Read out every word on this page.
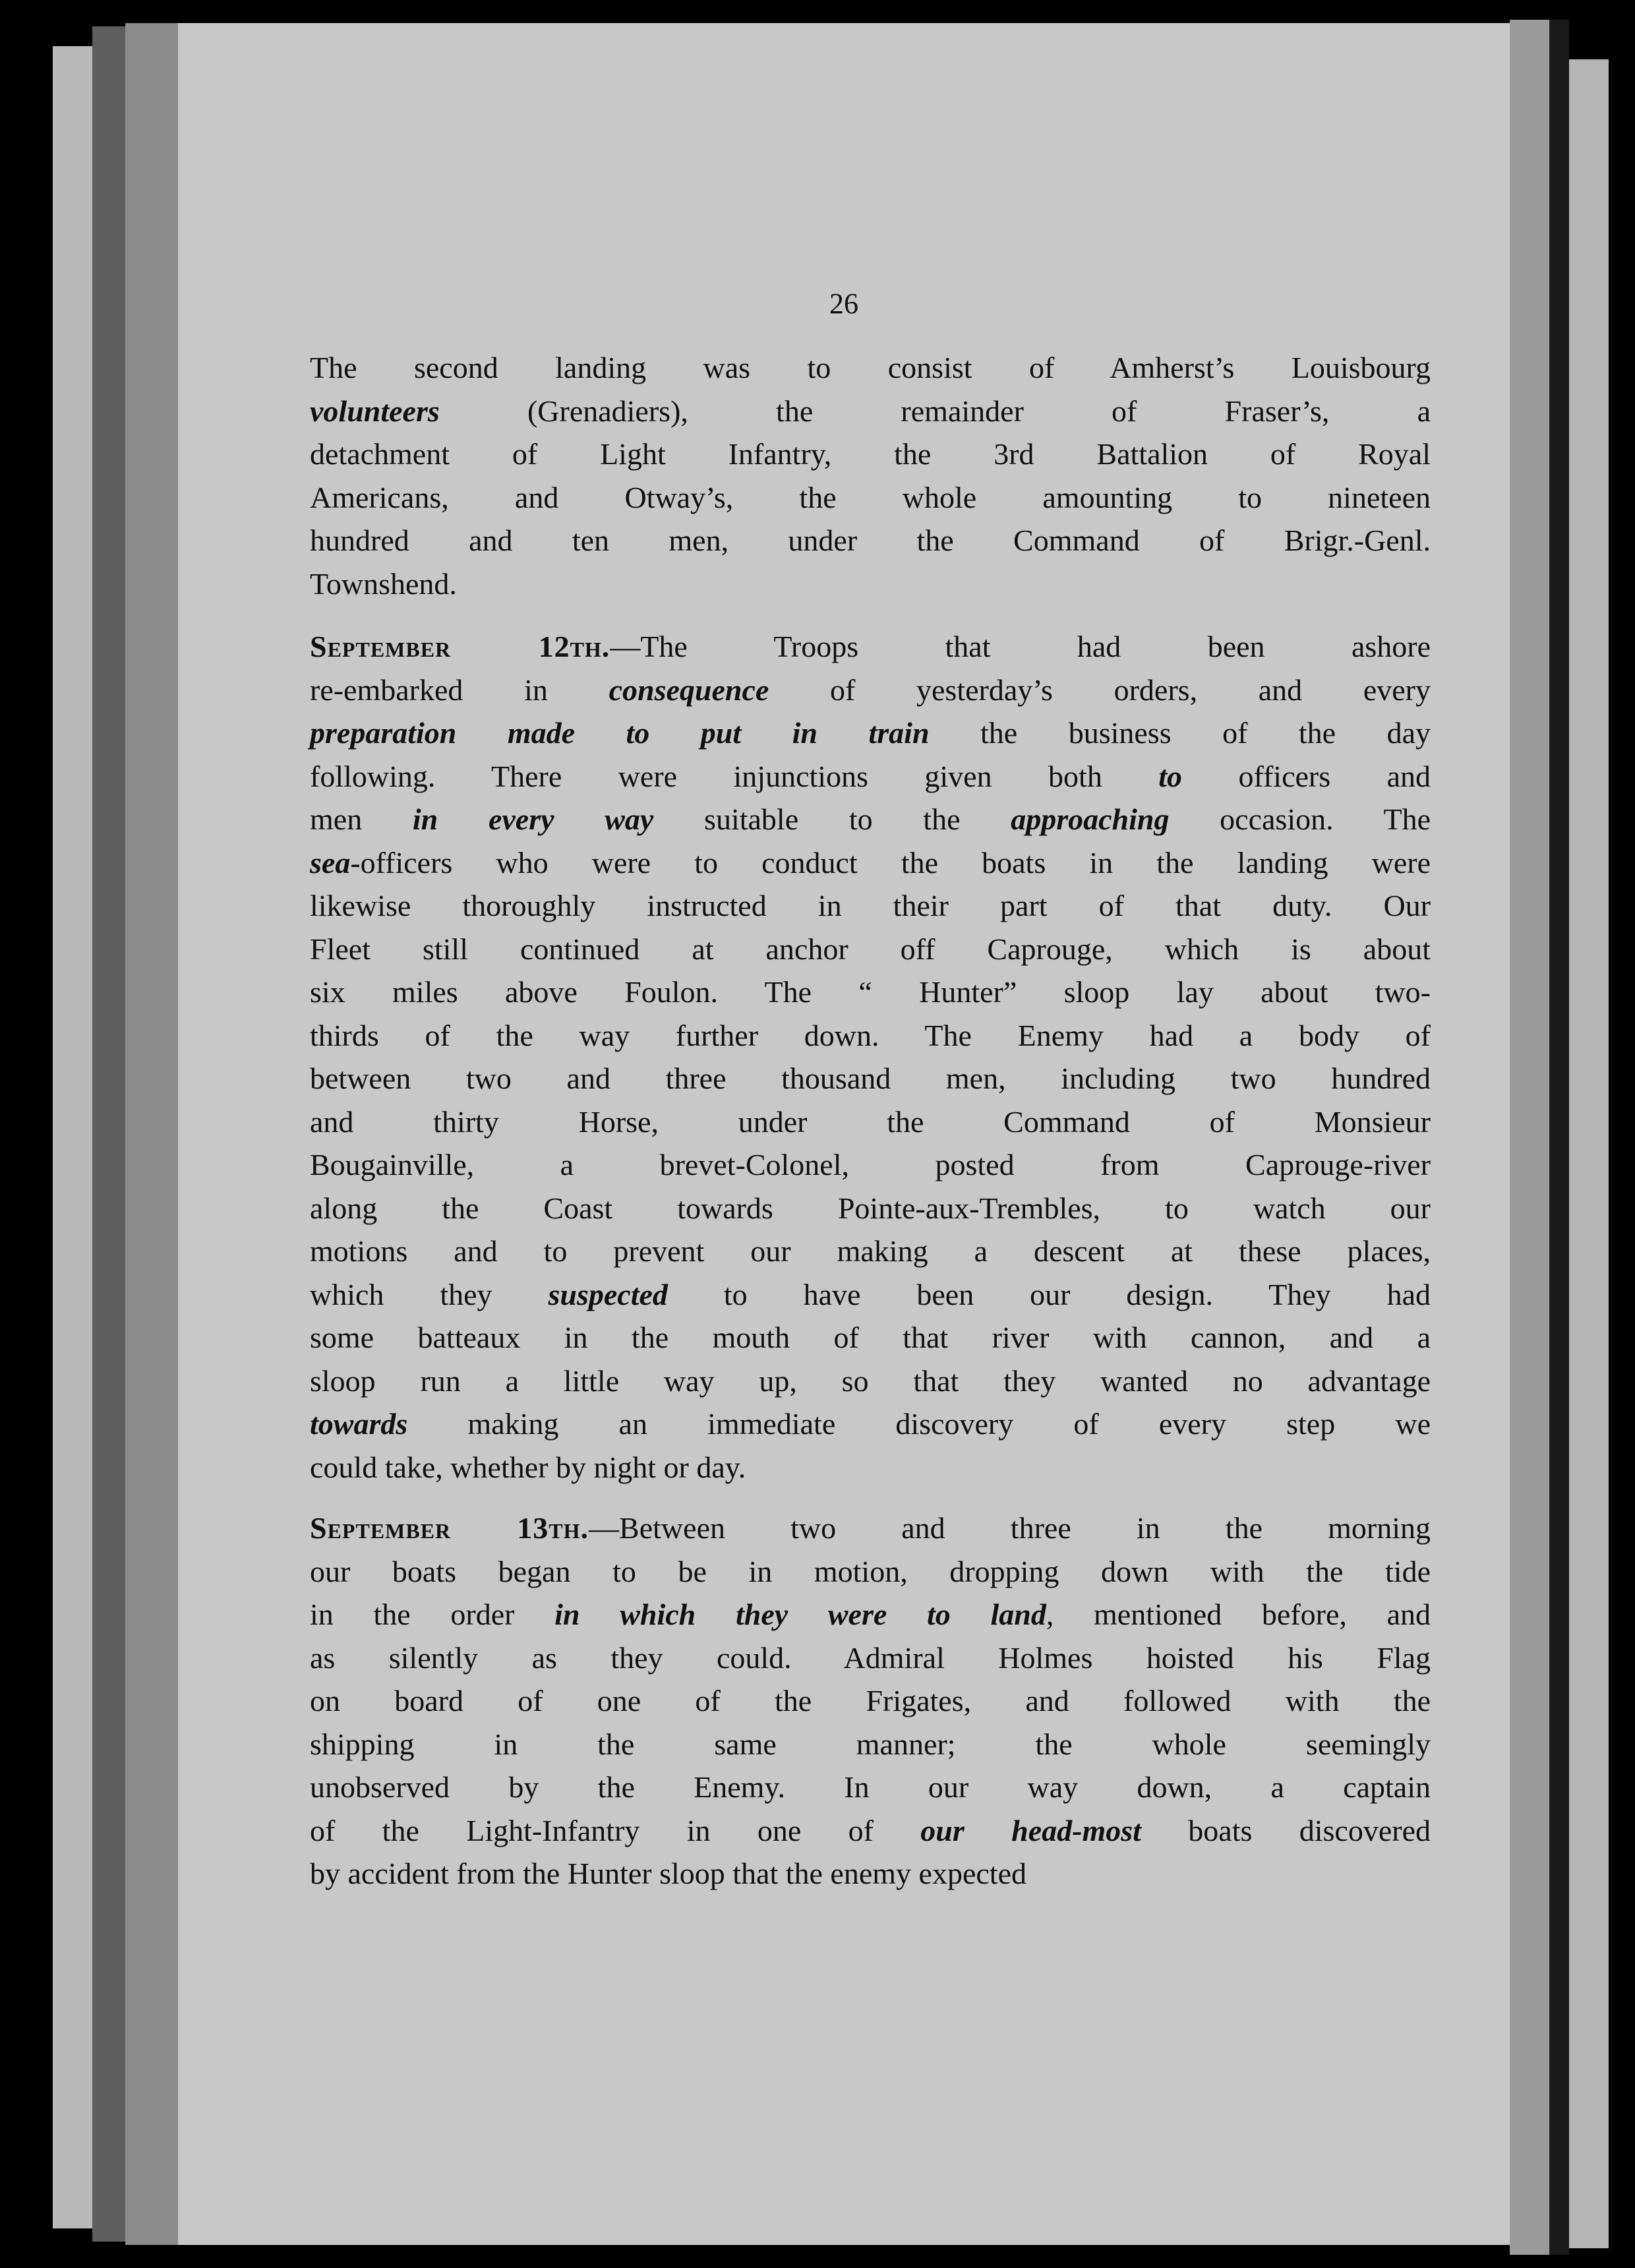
26
The second landing was to consist of Amherst’s Louisbourg
volunteers (Grenadiers), the remainder of Fraser’s, a
detachment of Light Infantry, the 3rd Battalion of Royal
Americans, and Otway’s, the whole amounting to nineteen
hundred and ten men, under the Command of Brigr.-Genl.
Townshend.
September 12th.—The Troops that had been ashore
re-embarked in consequence of yesterday’s orders, and every
preparation made to put in train the business of the day
following. There were injunctions given both to officers and
men in every way suitable to the approaching occasion. The
sea-officers who were to conduct the boats in the landing were
likewise thoroughly instructed in their part of that duty. Our
Fleet still continued at anchor off Caprouge, which is about
six miles above Foulon. The “ Hunter” sloop lay about two-
thirds of the way further down. The Enemy had a body of
between two and three thousand men, including two hundred
and thirty Horse, under the Command of Monsieur
Bougainville, a brevet-Colonel, posted from Caprouge-river
along the Coast towards Pointe-aux-Trembles, to watch our
motions and to prevent our making a descent at these places,
which they suspected to have been our design. They had
some batteaux in the mouth of that river with cannon, and a
sloop run a little way up, so that they wanted no advantage
towards making an immediate discovery of every step we
could take, whether by night or day.
September 13th.—Between two and three in the morning
our boats began to be in motion, dropping down with the tide
in the order in which they were to land, mentioned before, and
as silently as they could. Admiral Holmes hoisted his Flag
on board of one of the Frigates, and followed with the
shipping in the same manner; the whole seemingly
unobserved by the Enemy. In our way down, a captain
of the Light-Infantry in one of our head-most boats discovered
by accident from the Hunter sloop that the enemy expected
